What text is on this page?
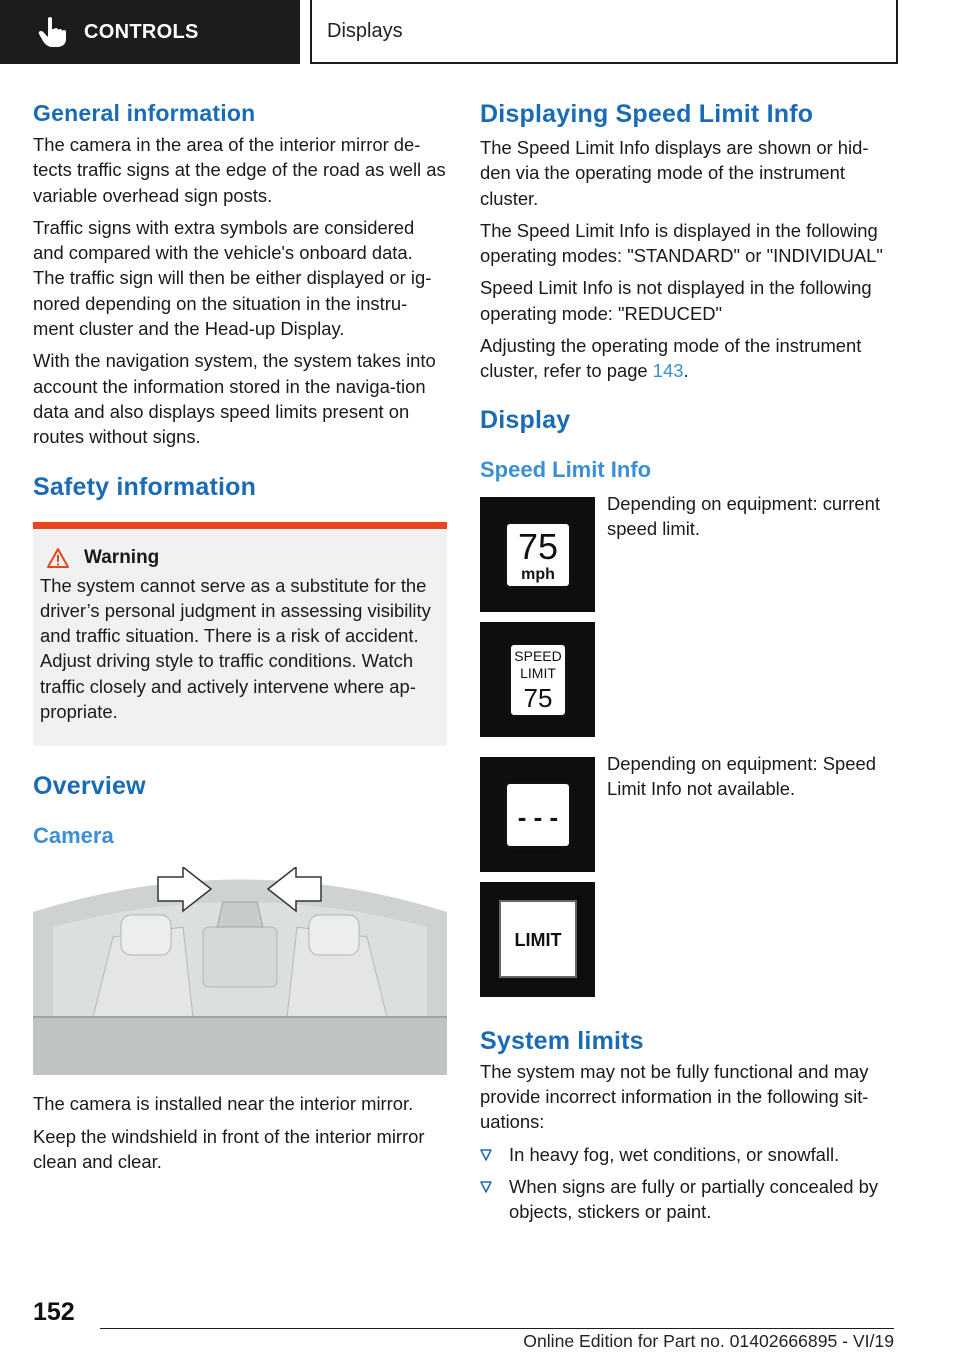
CONTROLS	Displays
General information

The camera in the area of the interior mirror de‐tects traffic signs at the edge of the road as well as variable overhead sign posts.

Traffic signs with extra symbols are considered and compared with the vehicle's onboard data. The traffic sign will then be either displayed or ig‐nored depending on the situation in the instru‐ment cluster and the Head-up Display.

With the navigation system, the system takes into account the information stored in the naviga‐tion data and also displays speed limits present on routes without signs.

Safety information
Warning

The system cannot serve as a substitute for the driver’s personal judgment in assessing visibility and traffic situation. There is a risk of accident. Adjust driving style to traffic conditions. Watch traffic closely and actively intervene where ap‐propriate.

Overview
Camera

The camera is installed near the interior mirror.

Keep the windshield in front of the interior mirror clean and clear.

Displaying Speed Limit Info

The Speed Limit Info displays are shown or hid‐den via the operating mode of the instrument cluster.

The Speed Limit Info is displayed in the following operating modes: "STANDARD" or "INDIVIDUAL"

Speed Limit Info is not displayed in the following operating mode: "REDUCED"

Adjusting the operating mode of the instrument cluster, refer to page 143.

Display
Speed Limit Info
75
mph
Depending on equipment: current speed limit.
SPEED
LIMIT
75
- - -
Depending on equipment: Speed Limit Info not available.
LIMIT
System limits

The system may not be fully functional and may provide incorrect information in the following sit‐uations:

In heavy fog, wet conditions, or snowfall.
When signs are fully or partially concealed by objects, stickers or paint.
152
Online Edition for Part no. 01402666895 - VI/19
